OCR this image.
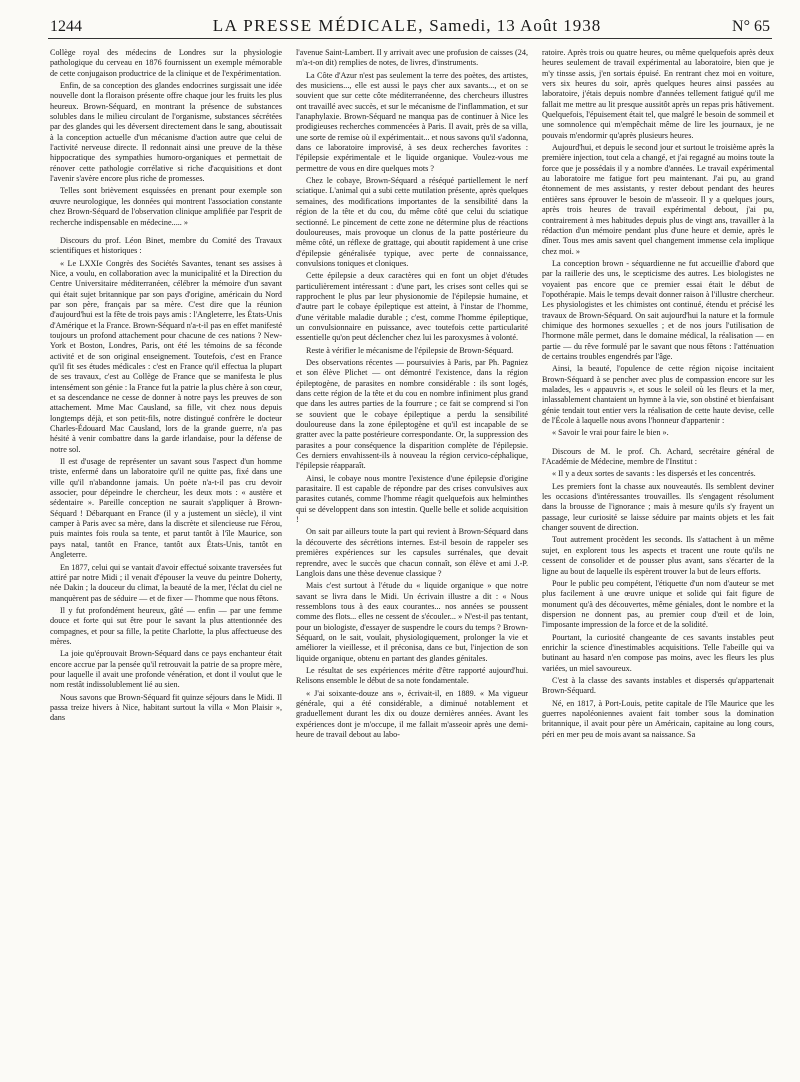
1244	LA PRESSE MÉDICALE, Samedi, 13 Août 1938	N° 65

Collège royal des médecins de Londres sur la physiologie pathologique du cerveau en 1876 fournissent un exemple mémorable de cette conjugaison productrice de la clinique et de l'expérimentation.

Enfin, de sa conception des glandes endocrines surgissait une idée nouvelle dont la floraison présente offre chaque jour les fruits les plus heureux. Brown-Séquard, en montrant la présence de substances solubles dans le milieu circulant de l'organisme, substances sécrétées par des glandes qui les déversent directement dans le sang, aboutissait à la conception actuelle d'un mécanisme d'action autre que celui de l'activité nerveuse directe. Il redonnait ainsi une preuve de la thèse hippocratique des sympathies humoro-organiques et permettait de rénover cette pathologie corrélative si riche d'acquisitions et dont l'avenir s'avère encore plus riche de promesses.

Telles sont brièvement esquissées en prenant pour exemple son œuvre neurologique, les données qui montrent l'association constante chez Brown-Séquard de l'observation clinique amplifiée par l'esprit de recherche indispensable en médecine..... »

Discours du prof. Léon Binet, membre du Comité des Travaux scientifiques et historiques :

« Le LXXIe Congrès des Sociétés Savantes, tenant ses assises à Nice, a voulu, en collaboration avec la municipalité et la Direction du Centre Universitaire méditerranéen, célébrer la mémoire d'un savant qui était sujet britannique par son pays d'origine, américain du Nord par son père, français par sa mère. C'est dire que la réunion d'aujourd'hui est la fête de trois pays amis : l'Angleterre, les États-Unis d'Amérique et la France. Brown-Séquard n'a-t-il pas en effet manifesté toujours un profond attachement pour chacune de ces nations ? New-York et Boston, Londres, Paris, ont été les témoins de sa féconde activité et de son original enseignement. Toutefois, c'est en France qu'il fit ses études médicales : c'est en France qu'il effectua la plupart de ses travaux, c'est au Collège de France que se manifesta le plus intensément son génie : la France fut la patrie la plus chère à son cœur, et sa descendance ne cesse de donner à notre pays les preuves de son attachement. Mme Mac Causland, sa fille, vit chez nous depuis longtemps déjà, et son petit-fils, notre distingué confrère le docteur Charles-Édouard Mac Causland, lors de la grande guerre, n'a pas hésité à venir combattre dans la garde irlandaise, pour la défense de notre sol.

Il est d'usage de représenter un savant sous l'aspect d'un homme triste, enfermé dans un laboratoire qu'il ne quitte pas, fixé dans une ville qu'il n'abandonne jamais. Un poète n'a-t-il pas cru devoir associer, pour dépeindre le chercheur, les deux mots : « austère et sédentaire ». Pareille conception ne saurait s'appliquer à Brown-Séquard ! Débarquant en France (il y a justement un siècle), il vint camper à Paris avec sa mère, dans la discrète et silencieuse rue Férou, puis maintes fois roula sa tente, et parut tantôt à l'île Maurice, son pays natal, tantôt en France, tantôt aux États-Unis, tantôt en Angleterre.

En 1877, celui qui se vantait d'avoir effectué soixante traversées fut attiré par notre Midi ; il venait d'épouser la veuve du peintre Doherty, née Dakin ; la douceur du climat, la beauté de la mer, l'éclat du ciel ne manquèrent pas de séduire — et de fixer — l'homme que nous fêtons.

Il y fut profondément heureux, gâté — enfin — par une femme douce et forte qui sut être pour le savant la plus attentionnée des compagnes, et pour sa fille, la petite Charlotte, la plus affectueuse des mères.

La joie qu'éprouvait Brown-Séquard dans ce pays enchanteur était encore accrue par la pensée qu'il retrouvait la patrie de sa propre mère, pour laquelle il avait une profonde vénération, et dont il voulut que le nom restât indissolublement lié au sien.

Nous savons que Brown-Séquard fit quinze séjours dans le Midi. Il passa treize hivers à Nice, habitant surtout la villa « Mon Plaisir », dans

l'avenue Saint-Lambert. Il y arrivait avec une profusion de caisses (24, m'a-t-on dit) remplies de notes, de livres, d'instruments.

La Côte d'Azur n'est pas seulement la terre des poètes, des artistes, des musiciens..., elle est aussi le pays cher aux savants..., et on se souvient que sur cette côte méditerranéenne, des chercheurs illustres ont travaillé avec succès, et sur le mécanisme de l'inflammation, et sur l'anaphylaxie. Brown-Séquard ne manqua pas de continuer à Nice les prodigieuses recherches commencées à Paris. Il avait, près de sa villa, une sorte de remise où il expérimentait... et nous savons qu'il s'adonna, dans ce laboratoire improvisé, à ses deux recherches favorites : l'épilepsie expérimentale et le liquide organique. Voulez-vous me permettre de vous en dire quelques mots ?

Chez le cobaye, Brown-Séquard a réséqué partiellement le nerf sciatique. L'animal qui a subi cette mutilation présente, après quelques semaines, des modifications importantes de la sensibilité dans la région de la tête et du cou, du même côté que celui du sciatique sectionné. Le pincement de cette zone ne détermine plus de réactions douloureuses, mais provoque un clonus de la patte postérieure du même côté, un réflexe de grattage, qui aboutit rapidement à une crise d'épilepsie généralisée typique, avec perte de connaissance, convulsions toniques et cloniques.

Cette épilepsie a deux caractères qui en font un objet d'études particulièrement intéressant : d'une part, les crises sont celles qui se rapprochent le plus par leur physionomie de l'épilepsie humaine, et d'autre part le cobaye épileptique est atteint, à l'instar de l'homme, d'une véritable maladie durable ; c'est, comme l'homme épileptique, un convulsionnaire en puissance, avec toutefois cette particularité essentielle qu'on peut déclencher chez lui les paroxysmes à volonté.

Reste à vérifier le mécanisme de l'épilepsie de Brown-Séquard.

Des observations récentes — poursuivies à Paris, par Ph. Pagniez et son élève Plichet — ont démontré l'existence, dans la région épileptogène, de parasites en nombre considérable : ils sont logés, dans cette région de la tête et du cou en nombre infiniment plus grand que dans les autres parties de la fourrure ; ce fait se comprend si l'on se souvient que le cobaye épileptique a perdu la sensibilité douloureuse dans la zone épileptogène et qu'il est incapable de se gratter avec la patte postérieure correspondante. Or, la suppression des parasites a pour conséquence la disparition complète de l'épilepsie. Ces derniers envahissent-ils à nouveau la région cervico-céphalique, l'épilepsie réapparaît.

Ainsi, le cobaye nous montre l'existence d'une épilepsie d'origine parasitaire. Il est capable de répondre par des crises convulsives aux parasites cutanés, comme l'homme réagit quelquefois aux helminthes qui se développent dans son intestin. Quelle belle et solide acquisition !

On sait par ailleurs toute la part qui revient à Brown-Séquard dans la découverte des sécrétions internes. Est-il besoin de rappeler ses premières expériences sur les capsules surrénales, que devait reprendre, avec le succès que chacun connaît, son élève et ami J.-P. Langlois dans une thèse devenue classique ?

Mais c'est surtout à l'étude du « liquide organique » que notre savant se livra dans le Midi. Un écrivain illustre a dit : « Nous ressemblons tous à des eaux courantes... nos années se poussent comme des flots... elles ne cessent de s'écouler... » N'est-il pas tentant, pour un biologiste, d'essayer de suspendre le cours du temps ? Brown-Séquard, on le sait, voulait, physiologiquement, prolonger la vie et améliorer la vieillesse, et il préconisa, dans ce but, l'injection de son liquide organique, obtenu en partant des glandes génitales.

Le résultat de ses expériences mérite d'être rapporté aujourd'hui. Relisons ensemble le début de sa note fondamentale.

« J'ai soixante-douze ans », écrivait-il, en 1889. « Ma vigueur générale, qui a été considérable, a diminué notablement et graduellement durant les dix ou douze dernières années. Avant les expériences dont je m'occupe, il me fallait m'asseoir après une demi-heure de travail debout au labo-

ratoire. Après trois ou quatre heures, ou même quelquefois après deux heures seulement de travail expérimental au laboratoire, bien que je m'y tinsse assis, j'en sortais épuisé. En rentrant chez moi en voiture, vers six heures du soir, après quelques heures ainsi passées au laboratoire, j'étais depuis nombre d'années tellement fatigué qu'il me fallait me mettre au lit presque aussitôt après un repas pris hâtivement. Quelquefois, l'épuisement était tel, que malgré le besoin de sommeil et une somnolence qui m'empêchait même de lire les journaux, je ne pouvais m'endormir qu'après plusieurs heures.

Aujourd'hui, et depuis le second jour et surtout le troisième après la première injection, tout cela a changé, et j'ai regagné au moins toute la force que je possédais il y a nombre d'années. Le travail expérimental au laboratoire me fatigue fort peu maintenant. J'ai pu, au grand étonnement de mes assistants, y rester debout pendant des heures entières sans éprouver le besoin de m'asseoir. Il y a quelques jours, après trois heures de travail expérimental debout, j'ai pu, contrairement à mes habitudes depuis plus de vingt ans, travailler à la rédaction d'un mémoire pendant plus d'une heure et demie, après le dîner. Tous mes amis savent quel changement immense cela implique chez moi. »

La conception brown - séquardienne ne fut accueillie d'abord que par la raillerie des uns, le scepticisme des autres. Les biologistes ne voyaient pas encore que ce premier essai était le début de l'opothérapie. Mais le temps devait donner raison à l'illustre chercheur. Les physiologistes et les chimistes ont continué, étendu et précisé les travaux de Brown-Séquard. On sait aujourd'hui la nature et la formule chimique des hormones sexuelles ; et de nos jours l'utilisation de l'hormone mâle permet, dans le domaine médical, la réalisation — en partie — du rêve formulé par le savant que nous fêtons : l'atténuation de certains troubles engendrés par l'âge.

Ainsi, la beauté, l'opulence de cette région niçoise incitaient Brown-Séquard à se pencher avec plus de compassion encore sur les malades, les « appauvris », et sous le soleil où les fleurs et la mer, inlassablement chantaient un hymne à la vie, son obstiné et bienfaisant génie tendait tout entier vers la réalisation de cette haute devise, celle de l'École à laquelle nous avons l'honneur d'appartenir :

« Savoir le vrai pour faire le bien ».

Discours de M. le prof. Ch. Achard, secrétaire général de l'Académie de Médecine, membre de l'Institut :

« Il y a deux sortes de savants : les dispersés et les concentrés.

Les premiers font la chasse aux nouveautés. Ils semblent deviner les occasions d'intéressantes trouvailles. Ils s'engagent résolument dans la brousse de l'ignorance ; mais à mesure qu'ils s'y frayent un passage, leur curiosité se laisse séduire par maints objets et les fait changer souvent de direction.

Tout autrement procèdent les seconds. Ils s'attachent à un même sujet, en explorent tous les aspects et tracent une route qu'ils ne cessent de consolider et de pousser plus avant, sans s'écarter de la ligne au bout de laquelle ils espèrent trouver la but de leurs efforts.

Pour le public peu compétent, l'étiquette d'un nom d'auteur se met plus facilement à une œuvre unique et solide qui fait figure de monument qu'à des découvertes, même géniales, dont le nombre et la dispersion ne donnent pas, au premier coup d'œil et de loin, l'imposante impression de la force et de la solidité.

Pourtant, la curiosité changeante de ces savants instables peut enrichir la science d'inestimables acquisitions. Telle l'abeille qui va butinant au hasard n'en compose pas moins, avec les fleurs les plus variées, un miel savoureux.

C'est à la classe des savants instables et dispersés qu'appartenait Brown-Séquard.

Né, en 1817, à Port-Louis, petite capitale de l'île Maurice que les guerres napoléoniennes avaient fait tomber sous la domination britannique, il avait pour père un Américain, capitaine au long cours, péri en mer peu de mois avant sa naissance. Sa
